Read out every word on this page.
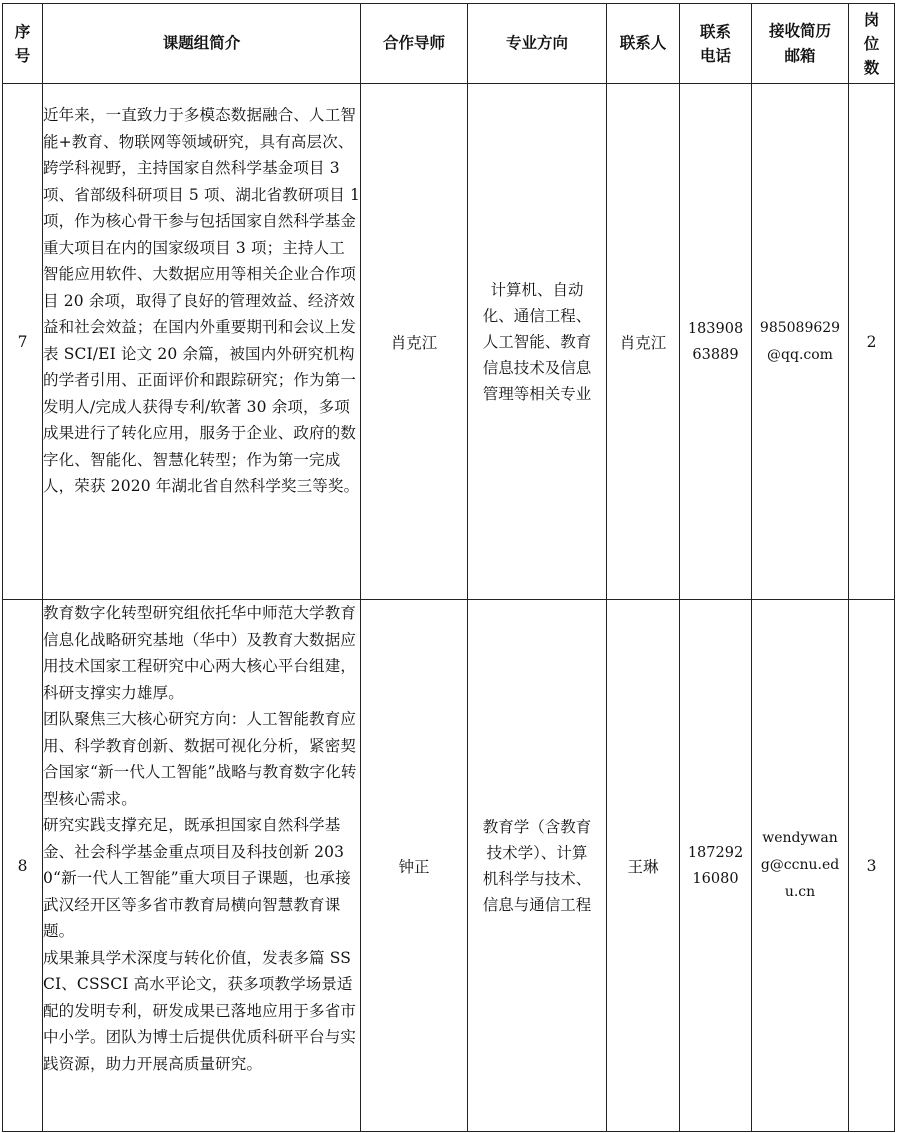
序号	课题组简介	合作导师	专业方向	联系人	联系电话	接收简历邮箱	岗位数

7	近年来，一直致力于多模态数据融合、人工智能+教育、物联网等领域研究，具有高层次、跨学科视野，主持国家自然科学基金项目 3 项、省部级科研项目 5 项、湖北省教研项目 1 项，作为核心骨干参与包括国家自然科学基金重大项目在内的国家级项目 3 项；主持人工智能应用软件、大数据应用等相关企业合作项目 20 余项，取得了良好的管理效益、经济效益和社会效益；在国内外重要期刊和会议上发表 SCI/EI 论文 20 余篇，被国内外研究机构的学者引用、正面评价和跟踪研究；作为第一发明人/完成人获得专利/软著 30 余项，多项成果进行了转化应用，服务于企业、政府的数字化、智能化、智慧化转型；作为第一完成人，荣获 2020 年湖北省自然科学奖三等奖。	肖克江	计算机、自动化、通信工程、人工智能、教育信息技术及信息管理等相关专业	肖克江	18390863889	985089629@qq.com	2
8	教育数字化转型研究组依托华中师范大学教育信息化战略研究基地（华中）及教育大数据应用技术国家工程研究中心两大核心平台组建，科研支撑实力雄厚。
团队聚焦三大核心研究方向：人工智能教育应用、科学教育创新、数据可视化分析，紧密契合国家“新一代人工智能”战略与教育数字化转型核心需求。
研究实践支撑充足，既承担国家自然科学基金、社会科学基金重点项目及科技创新 2030“新一代人工智能”重大项目子课题，也承接武汉经开区等多省市教育局横向智慧教育课题。
成果兼具学术深度与转化价值，发表多篇 SSCI、CSSCI 高水平论文，获多项教学场景适配的发明专利，研发成果已落地应用于多省市中小学。团队为博士后提供优质科研平台与实践资源，助力开展高质量研究。	钟正	教育学（含教育技术学）、计算机科学与技术、信息与通信工程	王琳	18729216080	wendywang@ccnu.edu.cn	3
